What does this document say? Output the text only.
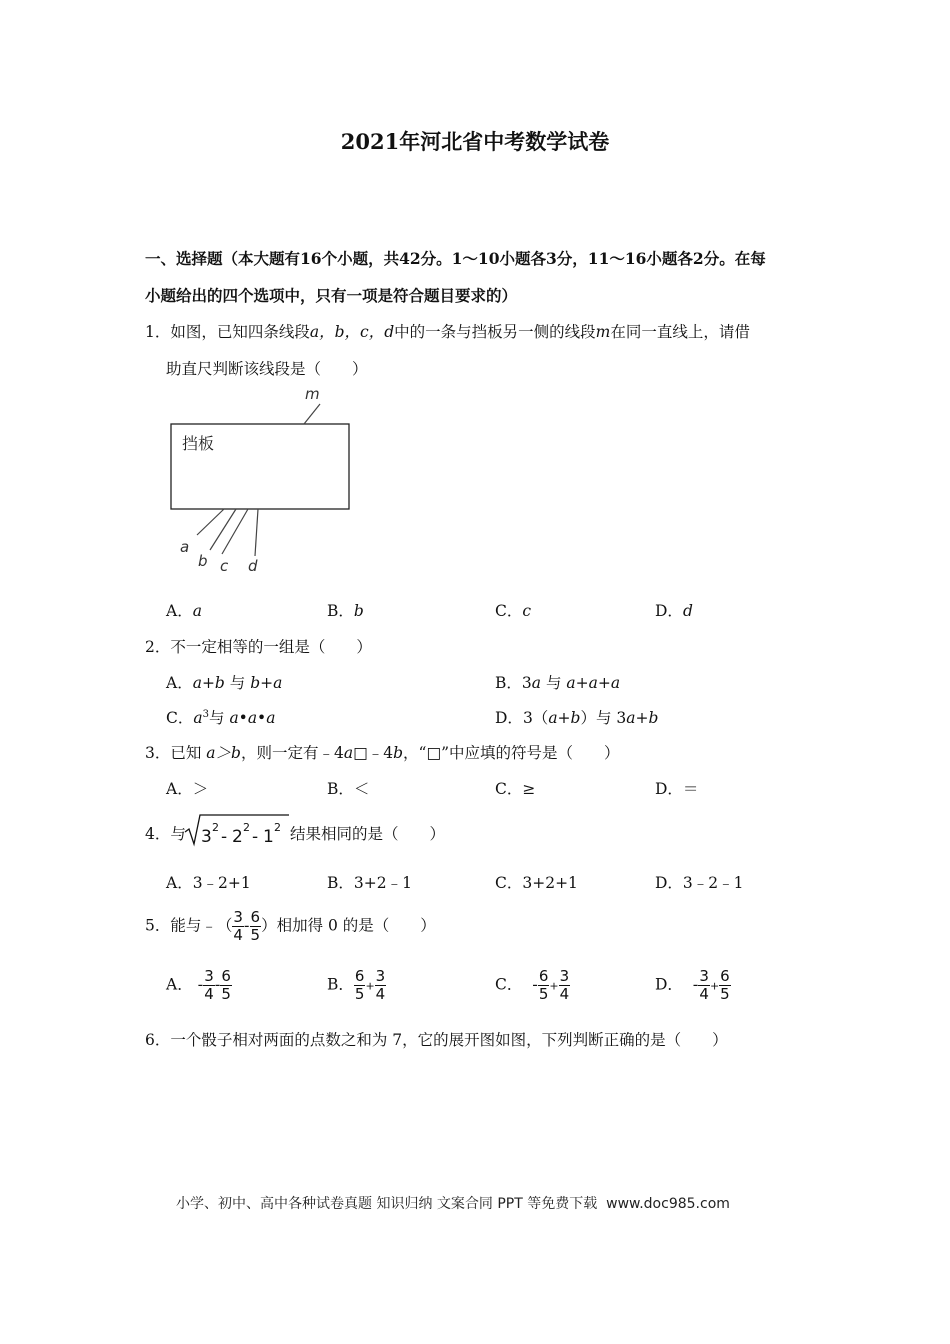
2021年河北省中考数学试卷
一、选择题（本大题有16个小题，共42分。1～10小题各3分，11～16小题各2分。在每
小题给出的四个选项中，只有一项是符合题目要求的）
1．如图，已知四条线段a，b，c，d中的一条与挡板另一侧的线段m在同一直线上，请借
助直尺判断该线段是（　　）
挡板
m
a
b c d
A．a	B．b	C．c	D．d
2．不一定相等的一组是（　　）
A．a+b 与 b+a	B．3a 与 a+a+a
C．$a^3$与 a•a•a	D．3（a+b）与 3a+b
3．已知 a＞b，则一定有﹣4a□﹣4b，“□”中应填的符号是（　　）
A．＞	B．＜	C．≥	D．＝
4．与 3 2 - 2 2 - 1 2 结果相同的是（　　）
A．3﹣2+1	B．3+2﹣1	C．3+2+1	D．3﹣2﹣1
5．能与﹣（ $\frac{3}{4} - \frac{6}{5}$ ）相加得 0 的是（　　）
A． - $\frac{3}{4} - \frac{6}{5}$	B． $\frac{6}{5} + \frac{3}{4}$	C． - $\frac{6}{5} + \frac{3}{4}$	D． - $\frac{3}{4} + \frac{6}{5}$
6．一个骰子相对两面的点数之和为 7，它的展开图如图，下列判断正确的是（　　）
小学、初中、高中各种试卷真题 知识归纳 文案合同 PPT 等免费下载 www.doc985.com
